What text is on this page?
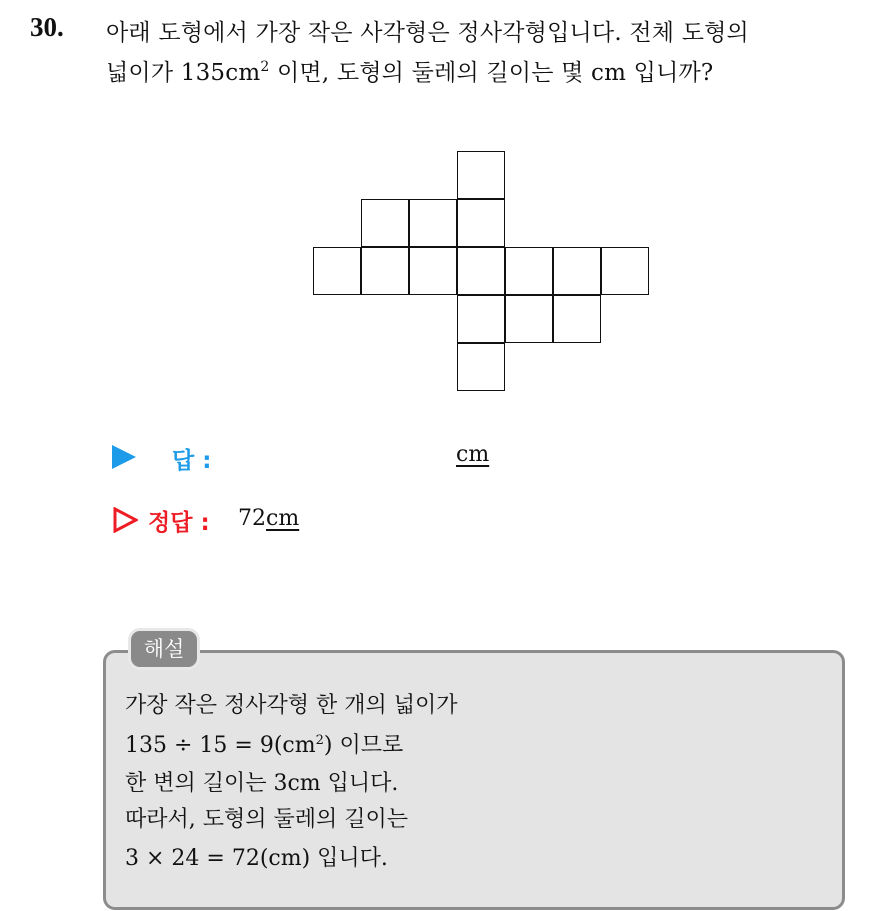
30. 아래 도형에서 가장 작은 사각형은 정사각형입니다. 전체 도형의
넓이가 $135cm^2$ 이면, 도형의 둘레의 길이는 몇 cm 입니까?
답 :	cm
정답 : 72cm
해설
가장 작은 정사각형 한 개의 넓이가
$135 \div 15 = 9(cm^2)$ 이므로
한 변의 길이는 3cm 입니다.
따라서, 도형의 둘레의 길이는
3 × 24 = 72(cm) 입니다.
